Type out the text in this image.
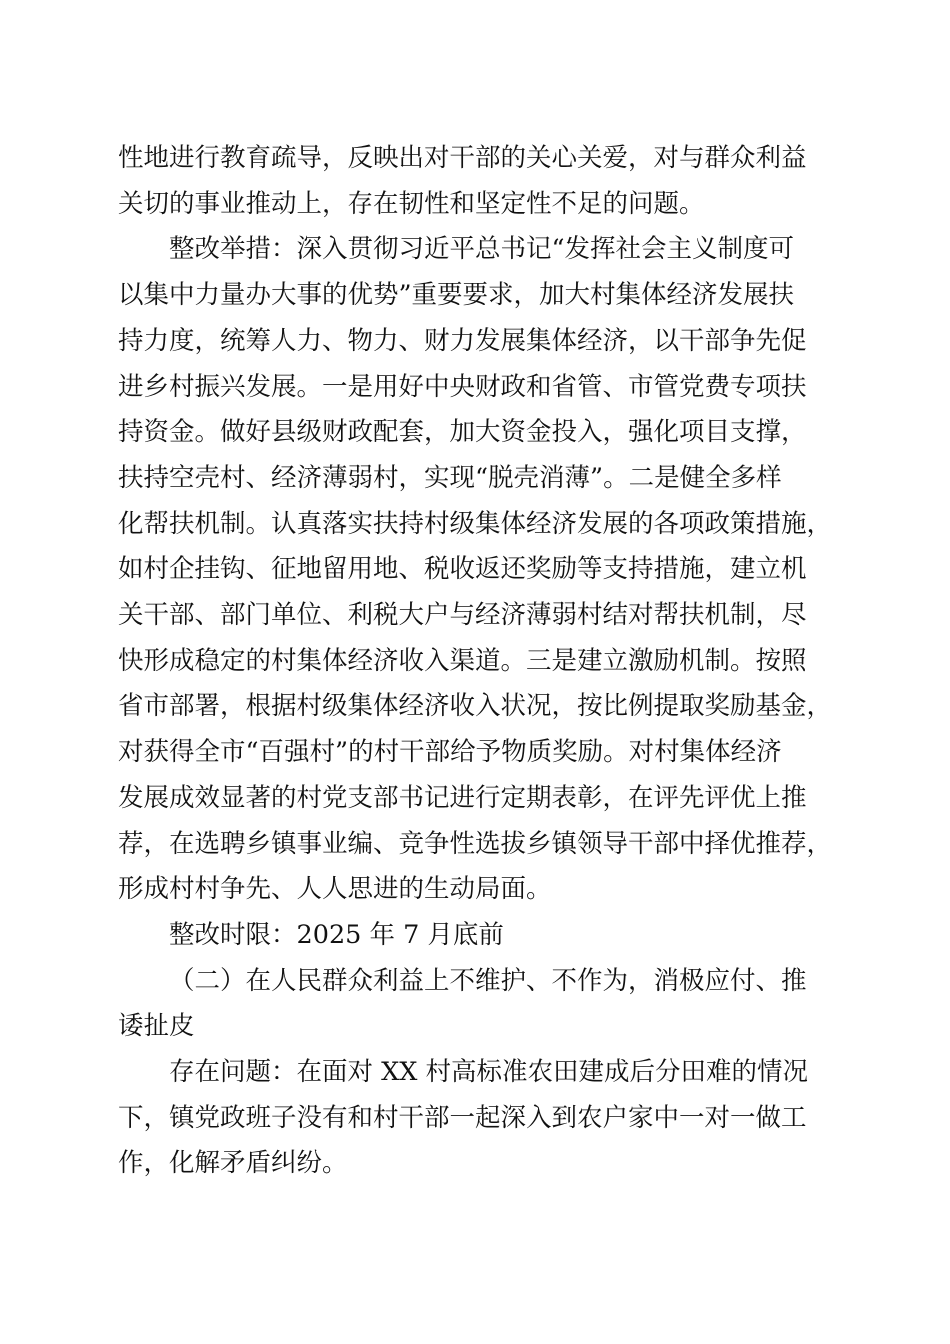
性地进行教育疏导，反映出对干部的关心关爱，对与群众利益
关切的事业推动上，存在韧性和坚定性不足的问题。

整改举措：深入贯彻习近平总书记“发挥社会主义制度可
以集中力量办大事的优势”重要要求，加大村集体经济发展扶
持力度，统筹人力、物力、财力发展集体经济，以干部争先促
进乡村振兴发展。一是用好中央财政和省管、市管党费专项扶
持资金。做好县级财政配套，加大资金投入，强化项目支撑，
扶持空壳村、经济薄弱村，实现“脱壳消薄”。二是健全多样
化帮扶机制。认真落实扶持村级集体经济发展的各项政策措施，
如村企挂钩、征地留用地、税收返还奖励等支持措施，建立机
关干部、部门单位、利税大户与经济薄弱村结对帮扶机制，尽
快形成稳定的村集体经济收入渠道。三是建立激励机制。按照
省市部署，根据村级集体经济收入状况，按比例提取奖励基金，
对获得全市“百强村”的村干部给予物质奖励。对村集体经济
发展成效显著的村党支部书记进行定期表彰，在评先评优上推
荐，在选聘乡镇事业编、竞争性选拔乡镇领导干部中择优推荐，
形成村村争先、人人思进的生动局面。

整改时限：2025 年 7 月底前

（二）在人民群众利益上不维护、不作为，消极应付、推
诿扯皮

存在问题：在面对 XX 村高标准农田建成后分田难的情况
下，镇党政班子没有和村干部一起深入到农户家中一对一做工
作，化解矛盾纠纷。
